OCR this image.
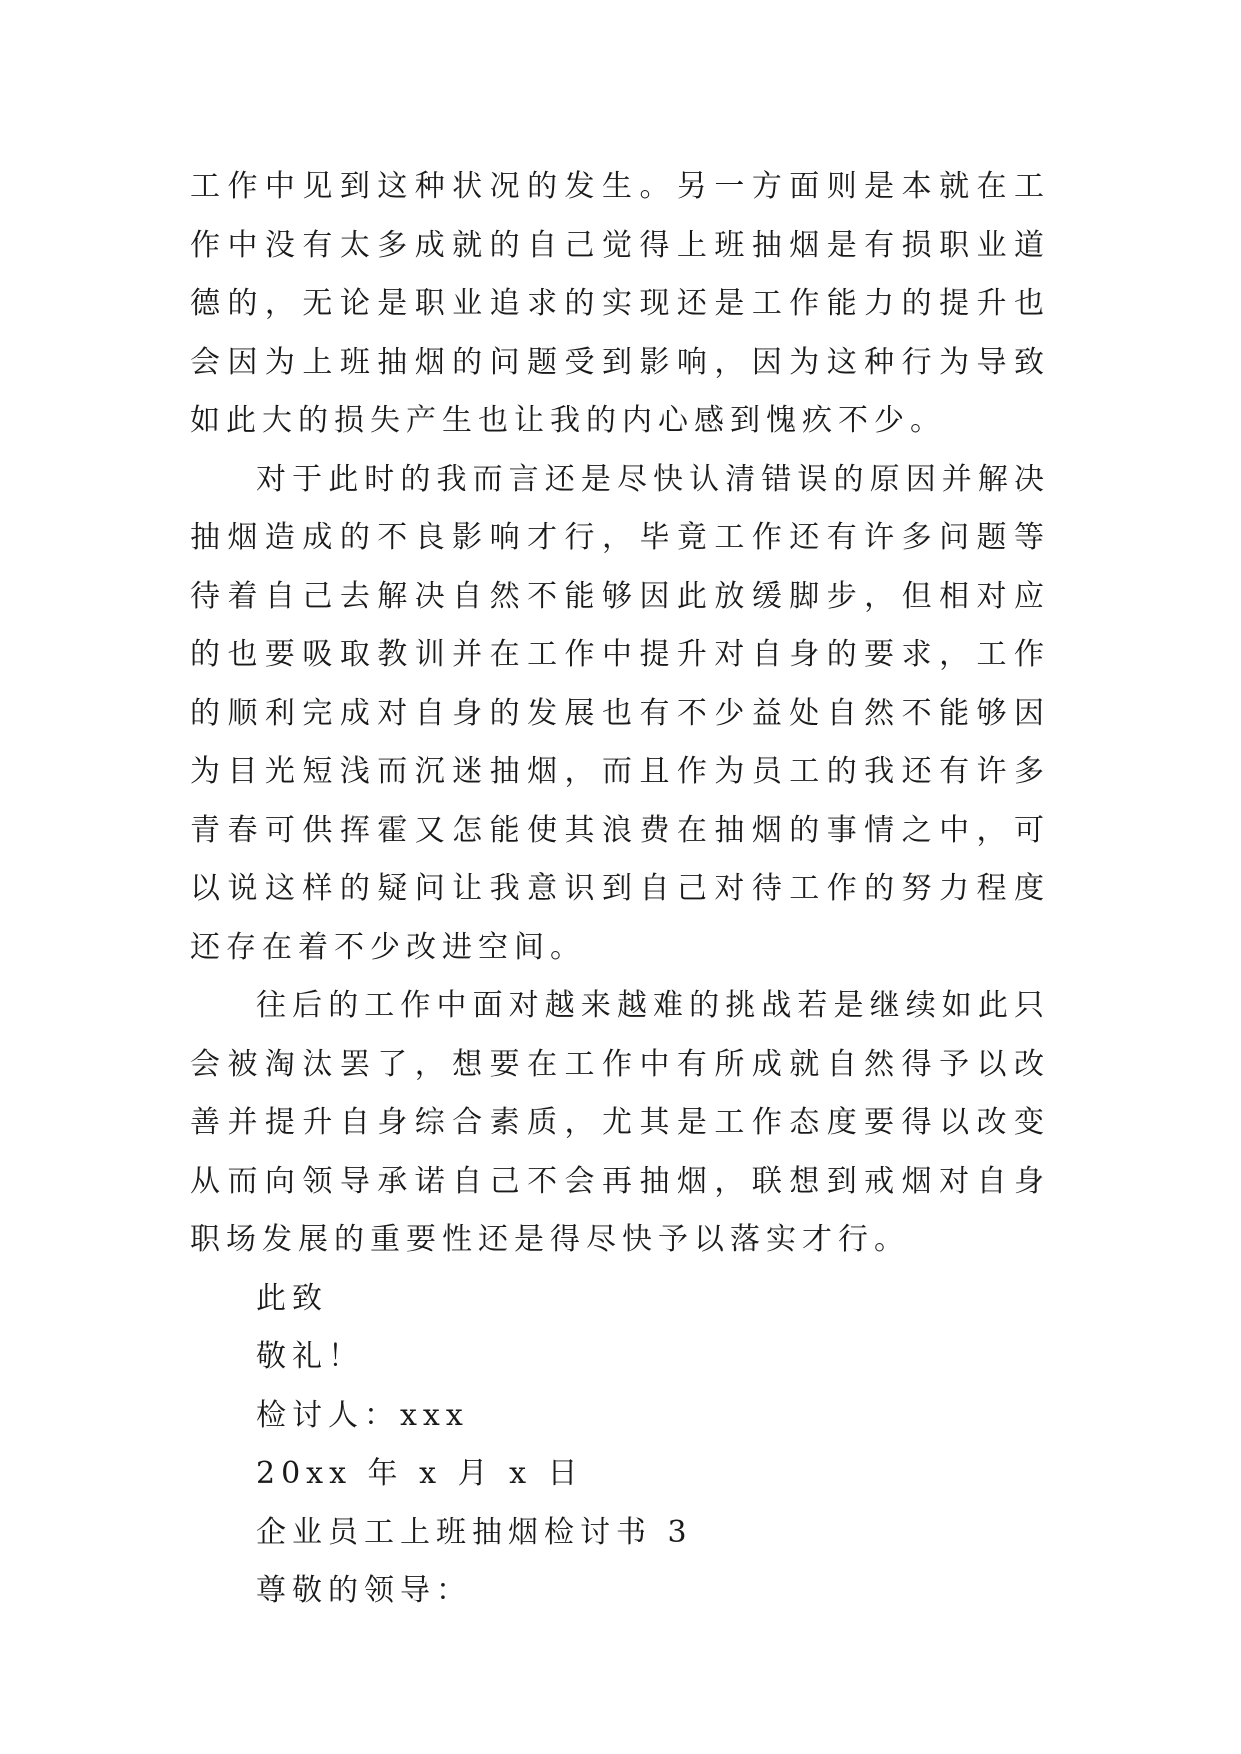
工作中见到这种状况的发生。另一方面则是本就在工作中没有太多成就的自己觉得上班抽烟是有损职业道德的，无论是职业追求的实现还是工作能力的提升也会因为上班抽烟的问题受到影响，因为这种行为导致如此大的损失产生也让我的内心感到愧疚不少。

对于此时的我而言还是尽快认清错误的原因并解决抽烟造成的不良影响才行，毕竟工作还有许多问题等待着自己去解决自然不能够因此放缓脚步，但相对应的也要吸取教训并在工作中提升对自身的要求，工作的顺利完成对自身的发展也有不少益处自然不能够因为目光短浅而沉迷抽烟，而且作为员工的我还有许多青春可供挥霍又怎能使其浪费在抽烟的事情之中，可以说这样的疑问让我意识到自己对待工作的努力程度还存在着不少改进空间。

往后的工作中面对越来越难的挑战若是继续如此只会被淘汰罢了，想要在工作中有所成就自然得予以改善并提升自身综合素质，尤其是工作态度要得以改变从而向领导承诺自己不会再抽烟，联想到戒烟对自身职场发展的重要性还是得尽快予以落实才行。

此致

敬礼！

检讨人：xxx

20xx 年 x 月 x 日

企业员工上班抽烟检讨书 3

尊敬的领导：
